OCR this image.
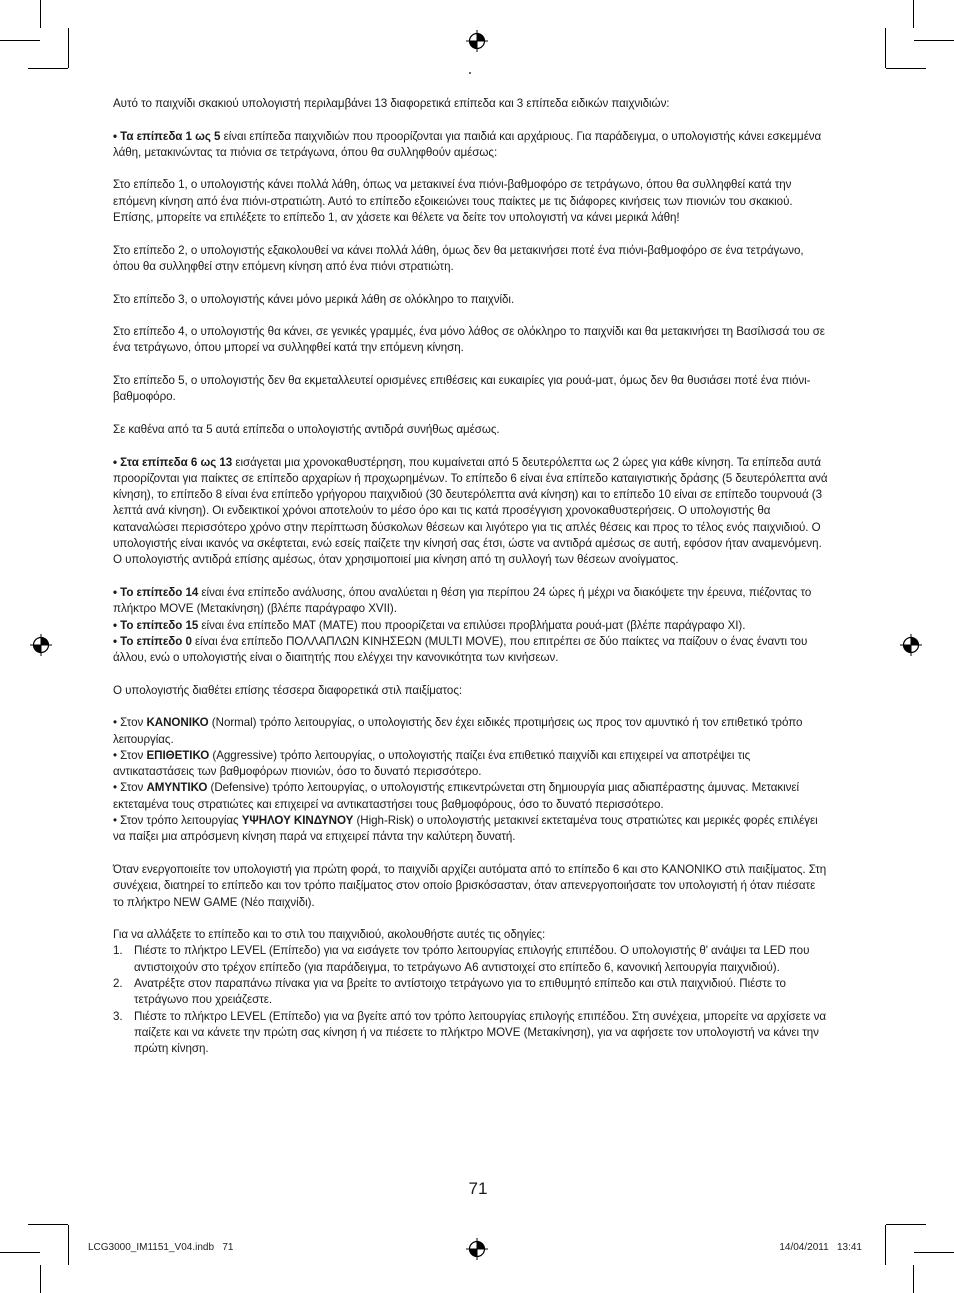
Αυτό το παιχνίδι σκακιού υπολογιστή περιλαμβάνει 13 διαφορετικά επίπεδα και 3 επίπεδα ειδικών παιχνιδιών:

• Τα επίπεδα 1 ως 5 είναι επίπεδα παιχνιδιών που προορίζονται για παιδιά και αρχάριους. Για παράδειγμα, ο υπολογιστής κάνει εσκεμμένα λάθη, μετακινώντας τα πιόνια σε τετράγωνα, όπου θα συλληφθούν αμέσως:

Στο επίπεδο 1, ο υπολογιστής κάνει πολλά λάθη, όπως να μετακινεί ένα πιόνι-βαθμοφόρο σε τετράγωνο, όπου θα συλληφθεί κατά την επόμενη κίνηση από ένα πιόνι-στρατιώτη. Αυτό το επίπεδο εξοικειώνει τους παίκτες με τις διάφορες κινήσεις των πιονιών του σκακιού. Επίσης, μπορείτε να επιλέξετε το επίπεδο 1, αν χάσετε και θέλετε να δείτε τον υπολογιστή να κάνει μερικά λάθη!

Στο επίπεδο 2, ο υπολογιστής εξακολουθεί να κάνει πολλά λάθη, όμως δεν θα μετακινήσει ποτέ ένα πιόνι-βαθμοφόρο σε ένα τετράγωνο, όπου θα συλληφθεί στην επόμενη κίνηση από ένα πιόνι στρατιώτη.

Στο επίπεδο 3, ο υπολογιστής κάνει μόνο μερικά λάθη σε ολόκληρο το παιχνίδι.

Στο επίπεδο 4, ο υπολογιστής θα κάνει, σε γενικές γραμμές, ένα μόνο λάθος σε ολόκληρο το παιχνίδι και θα μετακινήσει τη Βασίλισσά του σε ένα τετράγωνο, όπου μπορεί να συλληφθεί κατά την επόμενη κίνηση.

Στο επίπεδο 5, ο υπολογιστής δεν θα εκμεταλλευτεί ορισμένες επιθέσεις και ευκαιρίες για ρουά-ματ, όμως δεν θα θυσιάσει ποτέ ένα πιόνι-βαθμοφόρο.

Σε καθένα από τα 5 αυτά επίπεδα ο υπολογιστής αντιδρά συνήθως αμέσως.

• Στα επίπεδα 6 ως 13 εισάγεται μια χρονοκαθυστέρηση, που κυμαίνεται από 5 δευτερόλεπτα ως 2 ώρες για κάθε κίνηση. Τα επίπεδα αυτά προορίζονται για παίκτες σε επίπεδο αρχαρίων ή προχωρημένων. Το επίπεδο 6 είναι ένα επίπεδο καταιγιστικής δράσης (5 δευτερόλεπτα ανά κίνηση), το επίπεδο 8 είναι ένα επίπεδο γρήγορου παιχνιδιού (30 δευτερόλεπτα ανά κίνηση) και το επίπεδο 10 είναι σε επίπεδο τουρνουά (3 λεπτά ανά κίνηση). Οι ενδεικτικοί χρόνοι αποτελούν το μέσο όρο και τις κατά προσέγγιση χρονοκαθυστερήσεις. Ο υπολογιστής θα καταναλώσει περισσότερο χρόνο στην περίπτωση δύσκολων θέσεων και λιγότερο για τις απλές θέσεις και προς το τέλος ενός παιχνιδιού. Ο υπολογιστής είναι ικανός να σκέφτεται, ενώ εσείς παίζετε την κίνησή σας έτσι, ώστε να αντιδρά αμέσως σε αυτή, εφόσον ήταν αναμενόμενη. Ο υπολογιστής αντιδρά επίσης αμέσως, όταν χρησιμοποιεί μια κίνηση από τη συλλογή των θέσεων ανοίγματος.

• Το επίπεδο 14 είναι ένα επίπεδο ανάλυσης, όπου αναλύεται η θέση για περίπου 24 ώρες ή μέχρι να διακόψετε την έρευνα, πιέζοντας το πλήκτρο MOVE (Μετακίνηση) (βλέπε παράγραφο XVII).

• Το επίπεδο 15 είναι ένα επίπεδο MAT (MATE) που προορίζεται να επιλύσει προβλήματα ρουά-ματ (βλέπε παράγραφο XI).

• Το επίπεδο 0 είναι ένα επίπεδο ΠΟΛΛΑΠΛΩΝ ΚΙΝΗΣΕΩΝ (MULTI MOVE), που επιτρέπει σε δύο παίκτες να παίζουν ο ένας έναντι του άλλου, ενώ ο υπολογιστής είναι ο διαιτητής που ελέγχει την κανονικότητα των κινήσεων.

Ο υπολογιστής διαθέτει επίσης τέσσερα διαφορετικά στιλ παιξίματος:

• Στον ΚΑΝΟΝΙΚΟ (Normal) τρόπο λειτουργίας, ο υπολογιστής δεν έχει ειδικές προτιμήσεις ως προς τον αμυντικό ή τον επιθετικό τρόπο λειτουργίας.

• Στον ΕΠΙΘΕΤΙΚΟ (Aggressive) τρόπο λειτουργίας, ο υπολογιστής παίζει ένα επιθετικό παιχνίδι και επιχειρεί να αποτρέψει τις αντικαταστάσεις των βαθμοφόρων πιονιών, όσο το δυνατό περισσότερο.

• Στον ΑΜΥΝΤΙΚΟ (Defensive) τρόπο λειτουργίας, ο υπολογιστής επικεντρώνεται στη δημιουργία μιας αδιαπέραστης άμυνας. Μετακινεί εκτεταμένα τους στρατιώτες και επιχειρεί να αντικαταστήσει τους βαθμοφόρους, όσο το δυνατό περισσότερο.

• Στον τρόπο λειτουργίας ΥΨΗΛΟΥ ΚΙΝΔΥΝΟΥ (High-Risk) ο υπολογιστής μετακινεί εκτεταμένα τους στρατιώτες και μερικές φορές επιλέγει να παίξει μια απρόσμενη κίνηση παρά να επιχειρεί πάντα την καλύτερη δυνατή.

Όταν ενεργοποιείτε τον υπολογιστή για πρώτη φορά, το παιχνίδι αρχίζει αυτόματα από το επίπεδο 6 και στο ΚΑΝΟΝΙΚΟ στιλ παιξίματος. Στη συνέχεια, διατηρεί το επίπεδο και τον τρόπο παιξίματος στον οποίο βρισκόσασταν, όταν απενεργοποιήσατε τον υπολογιστή ή όταν πιέσατε το πλήκτρο NEW GAME (Νέο παιχνίδι).

Για να αλλάξετε το επίπεδο και το στιλ του παιχνιδιού, ακολουθήστε αυτές τις οδηγίες:

1. Πιέστε το πλήκτρο LEVEL (Επίπεδο) για να εισάγετε τον τρόπο λειτουργίας επιλογής επιπέδου. Ο υπολογιστής θ' ανάψει τα LED που αντιστοιχούν στο τρέχον επίπεδο (για παράδειγμα, το τετράγωνο A6 αντιστοιχεί στο επίπεδο 6, κανονική λειτουργία παιχνιδιού).
2. Ανατρέξτε στον παραπάνω πίνακα για να βρείτε το αντίστοιχο τετράγωνο για το επιθυμητό επίπεδο και στιλ παιχνιδιού. Πιέστε το τετράγωνο που χρειάζεστε.
3. Πιέστε το πλήκτρο LEVEL (Επίπεδο) για να βγείτε από τον τρόπο λειτουργίας επιλογής επιπέδου. Στη συνέχεια, μπορείτε να αρχίσετε να παίζετε και να κάνετε την πρώτη σας κίνηση ή να πιέσετε το πλήκτρο MOVE (Μετακίνηση), για να αφήσετε τον υπολογιστή να κάνει την πρώτη κίνηση.
71
LCG3000_IM1151_V04.indb   71	14/04/2011   13:41
